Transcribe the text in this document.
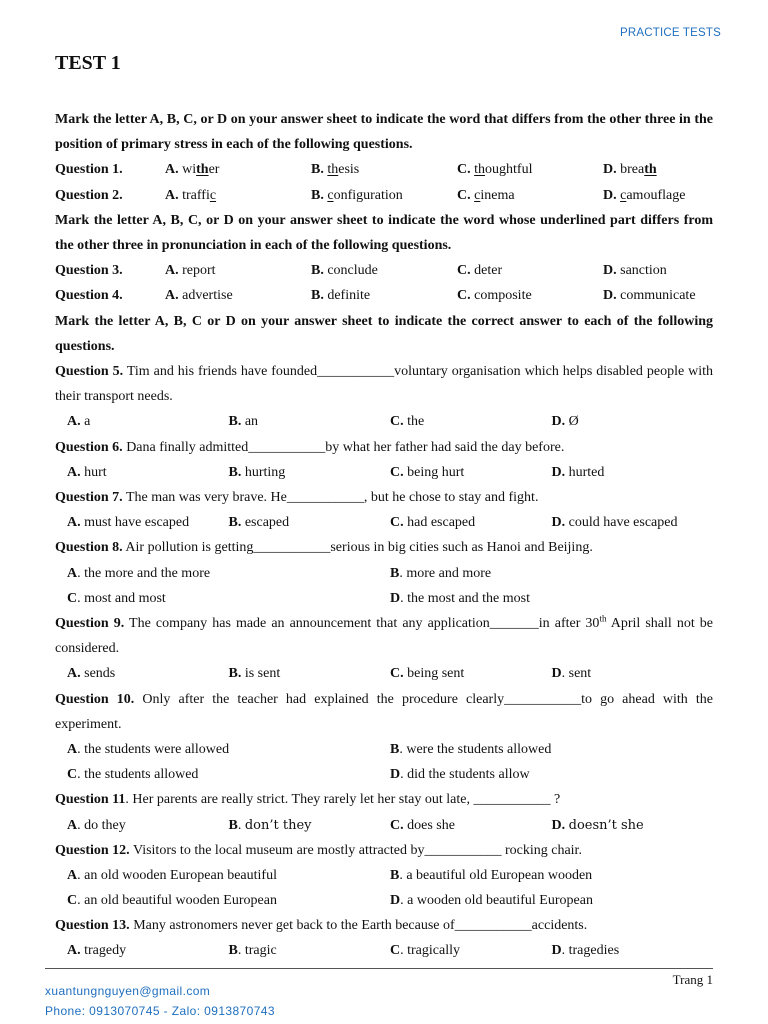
PRACTICE TESTS
TEST 1
Mark the letter A, B, C, or D on your answer sheet to indicate the word that differs from the other three in the position of primary stress in each of the following questions.
Question 1.	A. wither	B. thesis	C. thoughtful	D. breath
Question 2.	A. traffic	B. configuration	C. cinema	D. camouflage
Mark the letter A, B, C, or D on your answer sheet to indicate the word whose underlined part differs from the other three in pronunciation in each of the following questions.
Question 3.	A. report	B. conclude	C. deter	D. sanction
Question 4.	A. advertise	B. definite	C. composite	D. communicate
Mark the letter A, B, C or D on your answer sheet to indicate the correct answer to each of the following questions.
Question 5. Tim and his friends have founded___________voluntary organisation which helps disabled people with their transport needs.
A. a	B. an	C. the	D. Ø
Question 6. Dana finally admitted___________by what her father had said the day before.
A. hurt	B. hurting	C. being hurt	D. hurted
Question 7. The man was very brave. He___________, but he chose to stay and fight.
A. must have escaped	B. escaped	C. had escaped	D. could have escaped
Question 8. Air pollution is getting___________serious in big cities such as Hanoi and Beijing.
A. the more and the more	B. more and more
C. most and most	D. the most and the most
Question 9. The company has made an announcement that any application_______in after 30th April shall not be considered.
A. sends	B. is sent	C. being sent	D. sent
Question 10. Only after the teacher had explained the procedure clearly___________to go ahead with the experiment.
A. the students were allowed	B. were the students allowed
C. the students allowed	D. did the students allow
Question 11. Her parents are really strict. They rarely let her stay out late, ___________ ?
A. do they	B. don’t they	C. does she	D. doesn’t she
Question 12. Visitors to the local museum are mostly attracted by___________ rocking chair.
A. an old wooden European beautiful	B. a beautiful old European wooden
C. an old beautiful wooden European	D. a wooden old beautiful European
Question 13. Many astronomers never get back to the Earth because of___________accidents.
A. tragedy	B. tragic	C. tragically	D. tragedies
Trang 1
xuantungnguyen@gmail.com
Phone: 0913070745 - Zalo: 0913870743
